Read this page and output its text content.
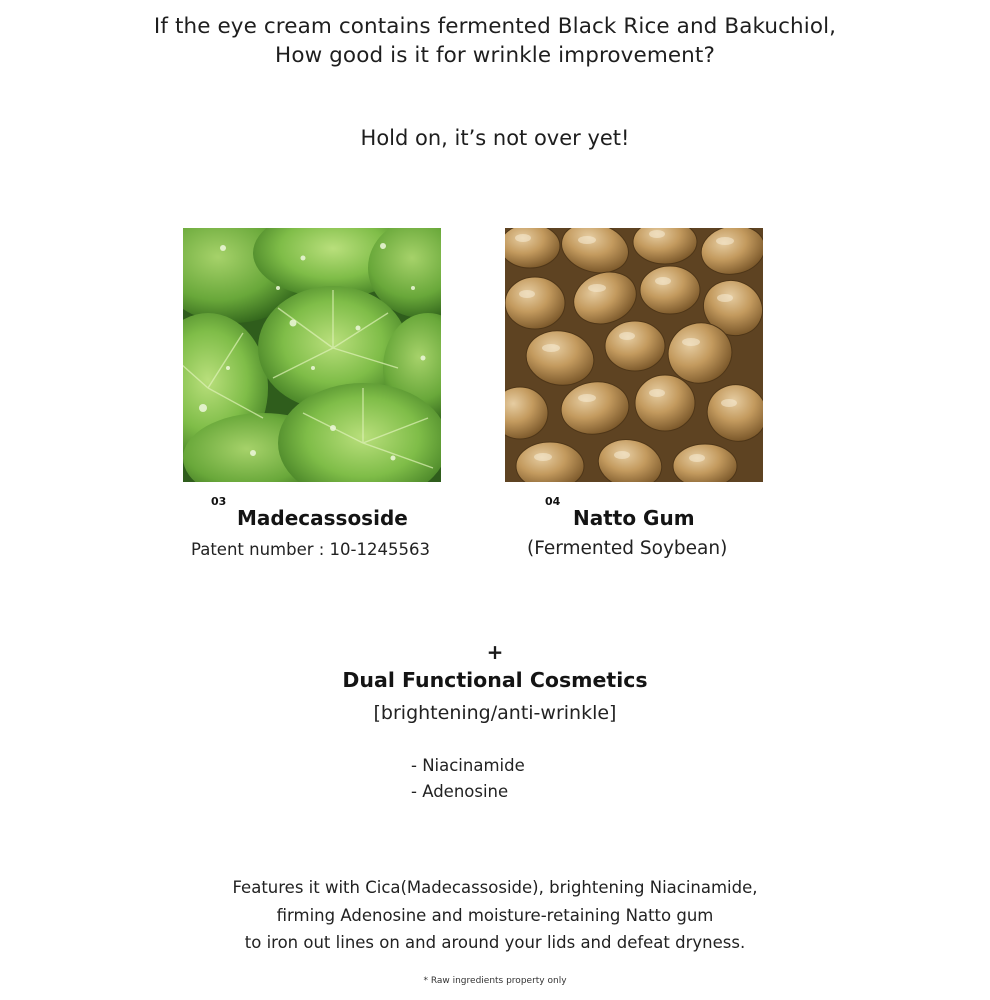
If the eye cream contains fermented Black Rice and Bakuchiol,
How good is it for wrinkle improvement?
Hold on, it’s not over yet!
03
Madecassoside
Patent number : 10-1245563
04
Natto Gum
(Fermented Soybean)
+
Dual Functional Cosmetics
[brightening/anti-wrinkle]
- Niacinamide
- Adenosine
Features it with Cica(Madecassoside), brightening Niacinamide,
firming Adenosine and moisture-retaining Natto gum
to iron out lines on and around your lids and defeat dryness.
* Raw ingredients property only
